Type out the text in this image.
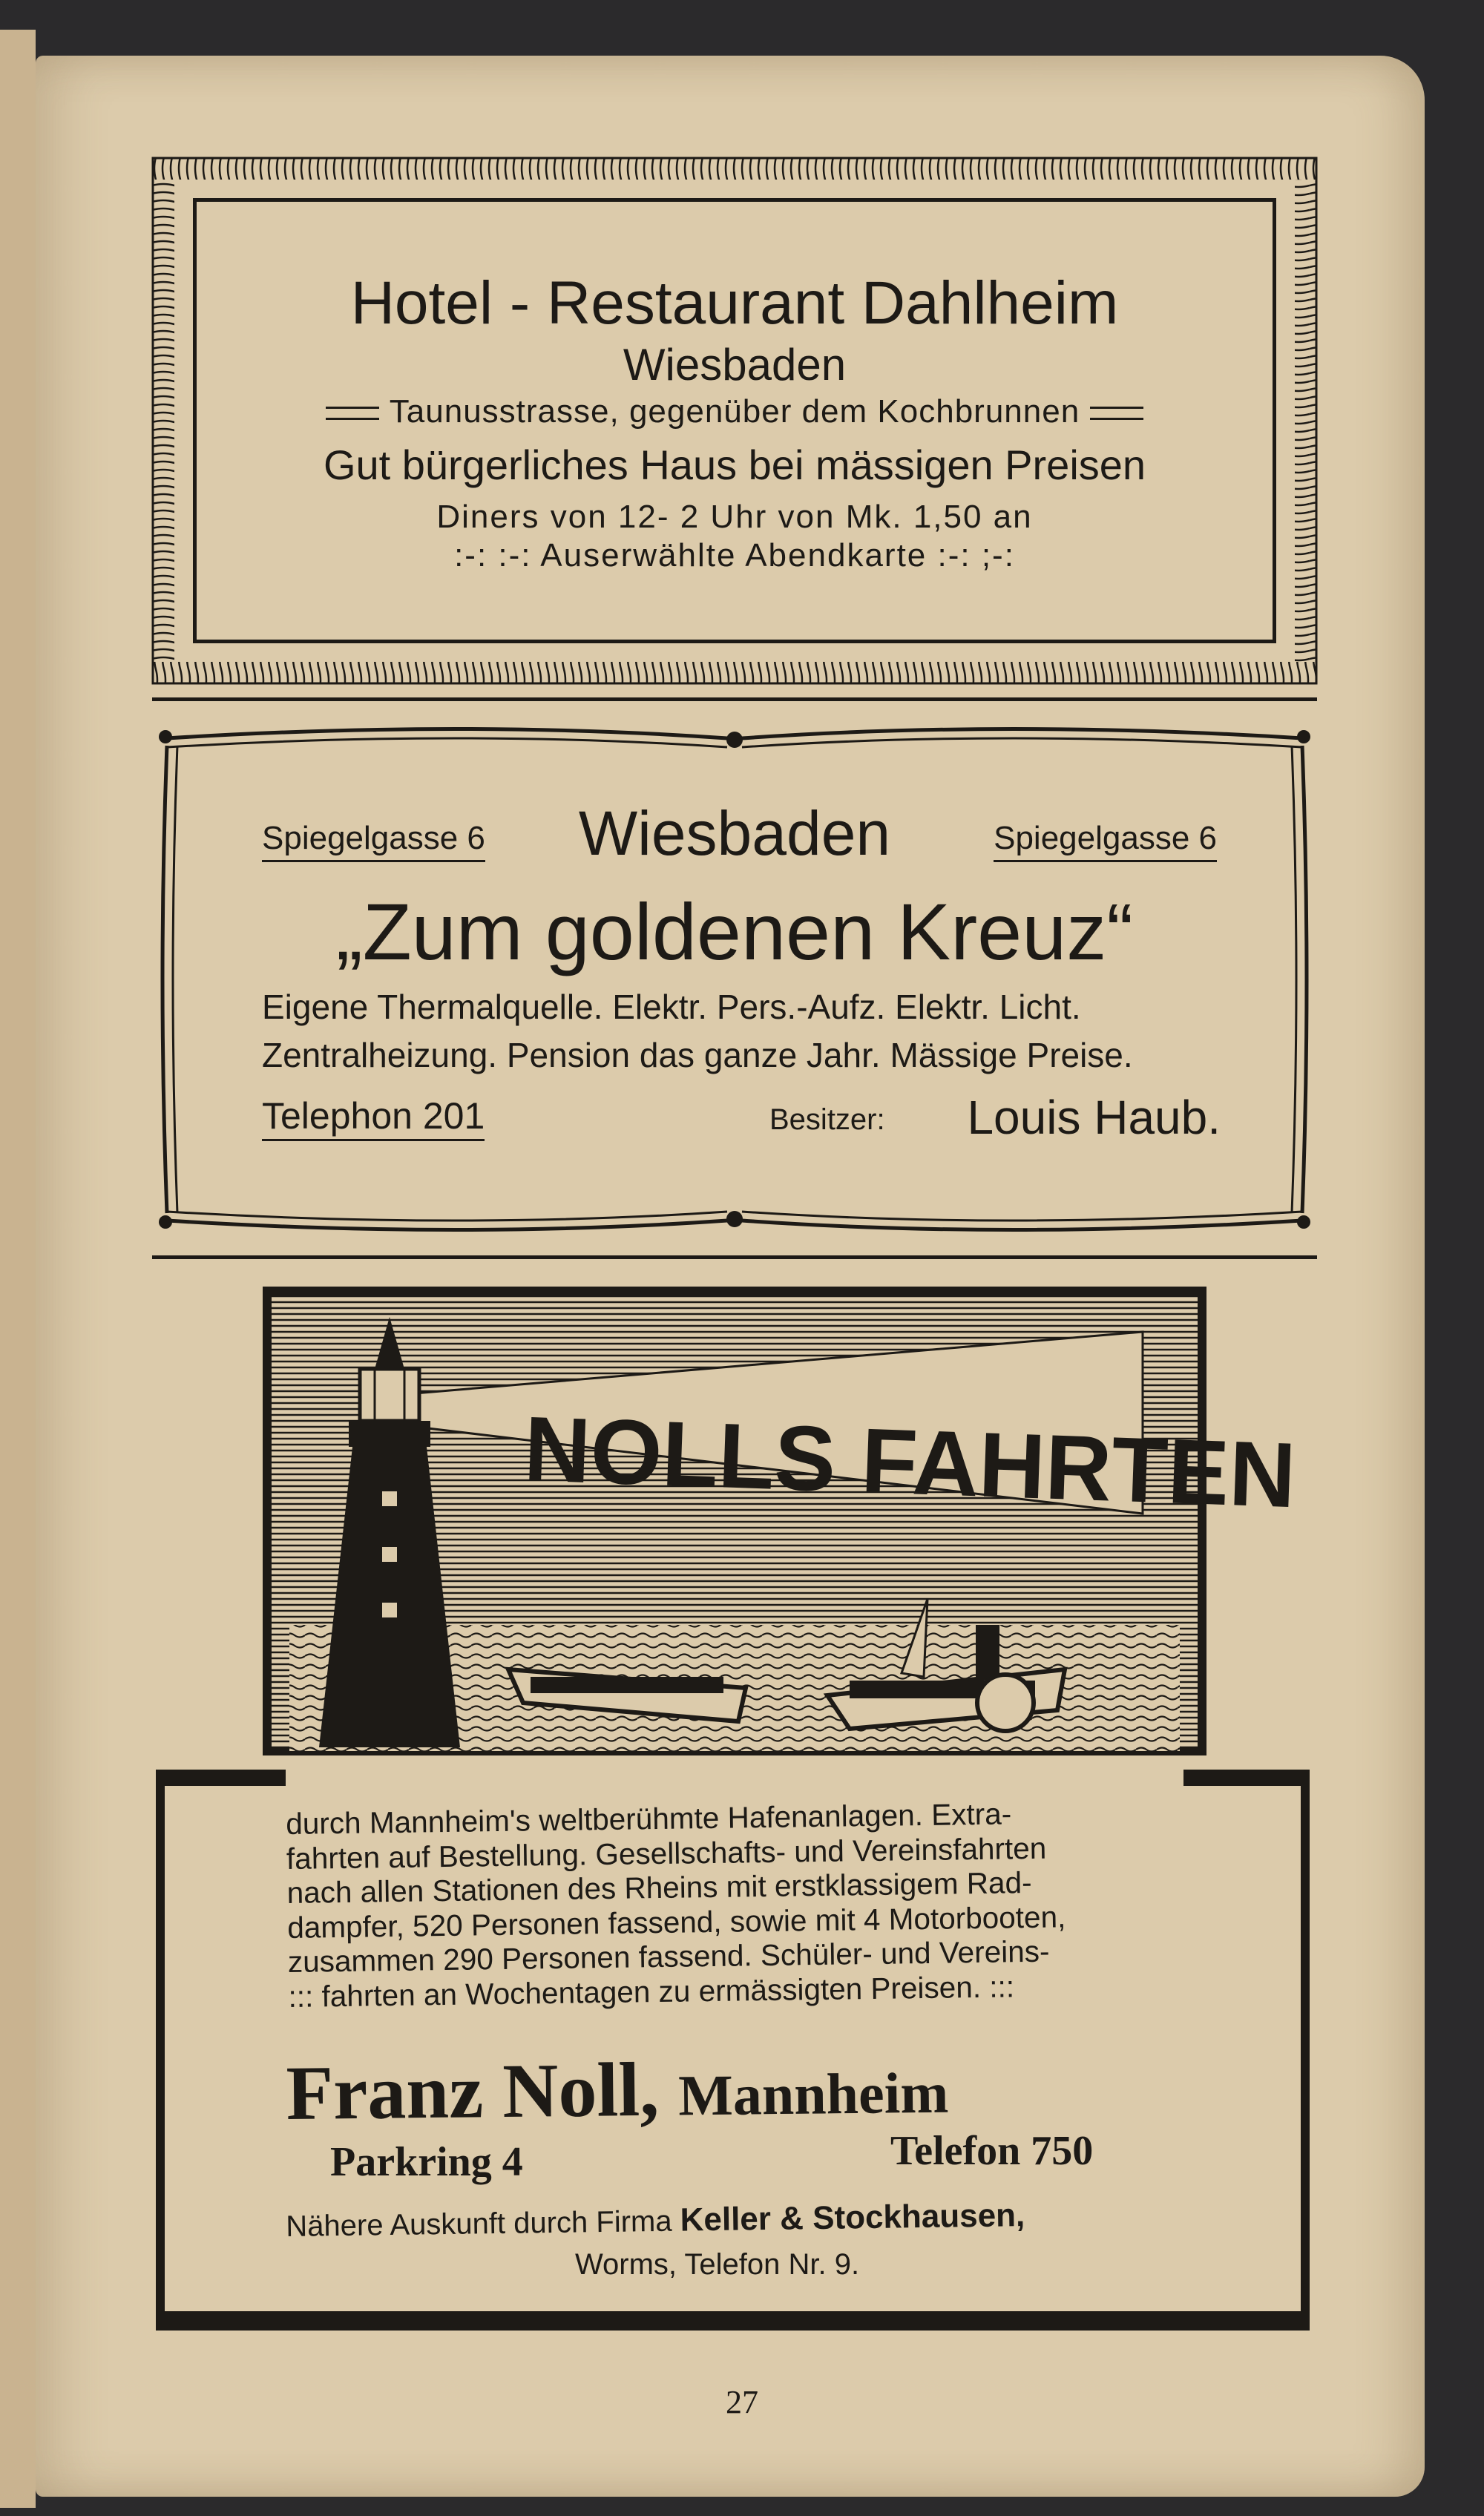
Hotel - Restaurant Dahlheim
Wiesbaden
Taunusstrasse, gegenüber dem Kochbrunnen
Gut bürgerliches Haus bei mässigen Preisen
Diners von 12- 2 Uhr von Mk. 1,50 an
:-: :-: Auserwählte Abendkarte :-: ;-:
Spiegelgasse 6	Wiesbaden	Spiegelgasse 6
„Zum goldenen Kreuz“
Eigene Thermalquelle. Elektr. Pers.-Aufz. Elektr. Licht.
Zentralheizung. Pension das ganze Jahr. Mässige Preise.
Telephon 201	Besitzer: Louis Haub.
NOLLS FAHRTEN
durch Mannheim's weltberühmte Hafenanlagen. Extra-
fahrten auf Bestellung. Gesellschafts- und Vereinsfahrten
nach allen Stationen des Rheins mit erstklassigem Rad-
dampfer, 520 Personen fassend, sowie mit 4 Motorbooten,
zusammen 290 Personen fassend. Schüler- und Vereins-
::: fahrten an Wochentagen zu ermässigten Preisen. :::
Franz Noll, Mannheim
Parkring 4	Telefon 750
Nähere Auskunft durch Firma Keller & Stockhausen,
Worms, Telefon Nr. 9.
27
